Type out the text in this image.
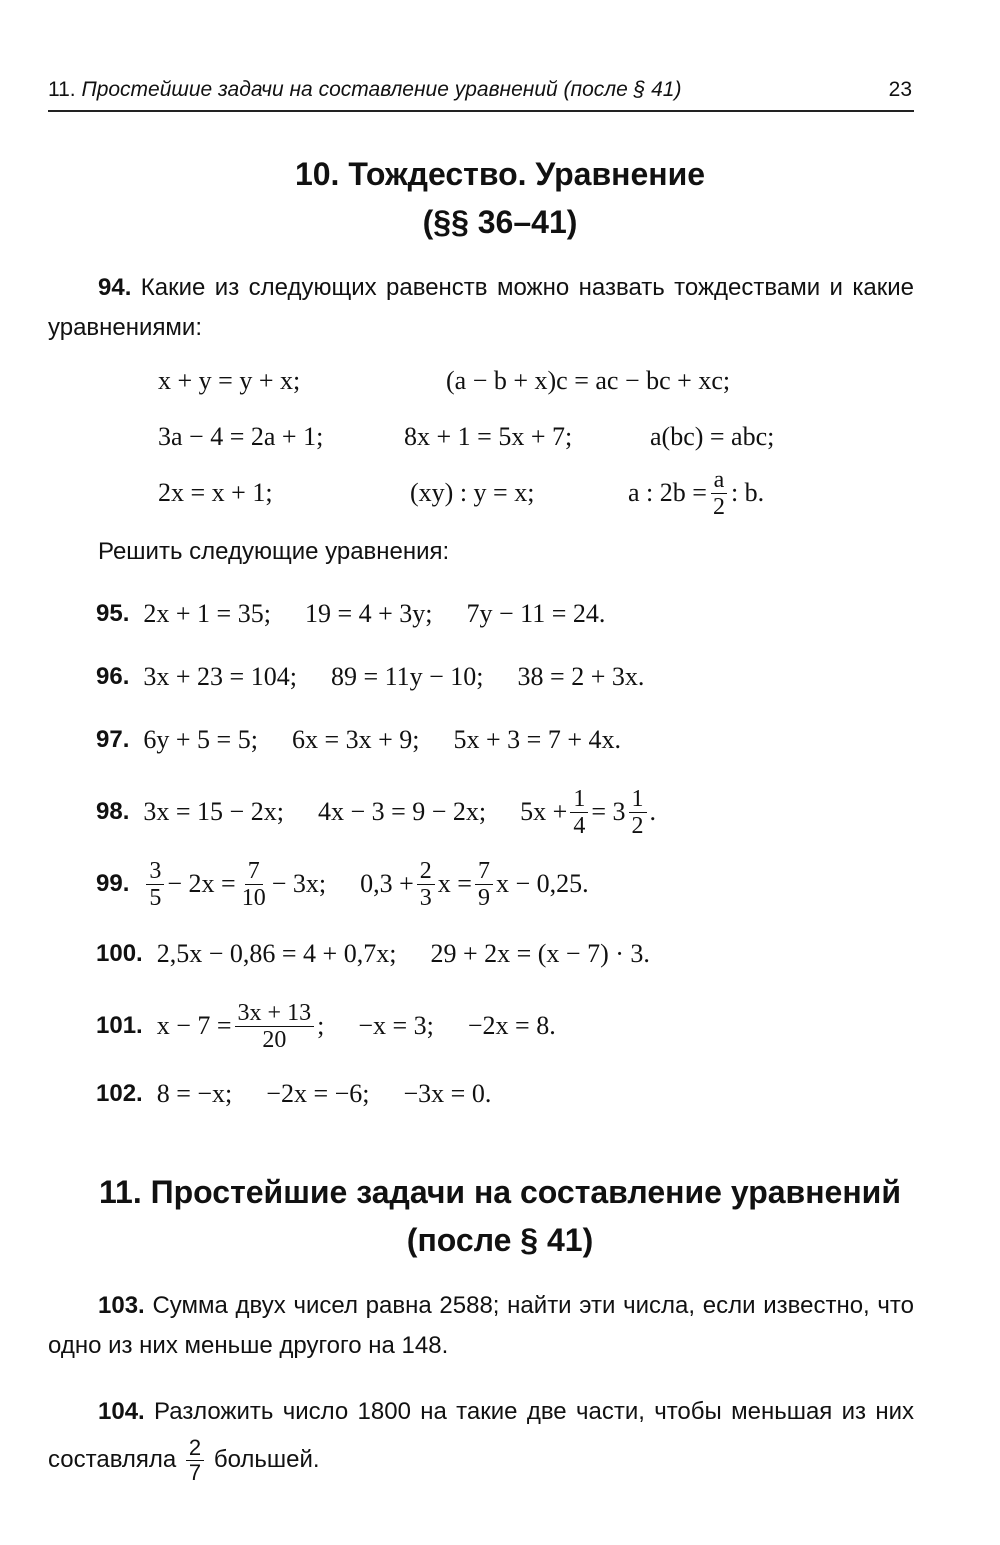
11. Простейшие задачи на составление уравнений (после § 41)	23
10. Тождество. Уравнение
(§§ 36–41)
94. Какие из следующих равенств можно назвать тождествами и какие уравнениями:
x + y = y + x;	(a − b + x)c = ac − bc + xc;
3a − 4 = 2a + 1;	8x + 1 = 5x + 7;	a(bc) = abc;
2x = x + 1;	(xy) : y = x;	a : $2b = \frac{a}{2}$ : b.
Решить следующие уравнения:
95. 2x + 1 = 35; 19 = 4 + 3y; 7y − 11 = 24.
96. 3x + 23 = 104; 89 = 11y − 10; 38 = 2 + 3x.
97. 6y + 5 = 5; 6x = 3x + 9; 5x + 3 = 7 + 4x.
98. 3x = 15 − 2x; 4x − 3 = 9 − 2x; $5x + \frac{1}{4} = 3 \frac{1}{2}$ .
99. $\frac{3}{5} - 2x = \frac{7}{10} - 3x$; $0,3 + \frac{2}{3}$ $x = \frac{7}{9}$ x − 0,25.
100. 2,5x − 0,86 = 4 + 0,7x; 29 + 2x = (x − 7) · 3.
101. $x - 7 = \frac{3x + 13}{20}$ ; −x = 3; −2x = 8.
102. 8 = −x; −2x = −6; −3x = 0.
11. Простейшие задачи на составление уравнений
(после § 41)
103. Сумма двух чисел равна 2588; найти эти числа, если известно, что одно из них меньше другого на 148.
104. Разложить число 1800 на такие две части, чтобы меньшая из них составляла $\frac{2}{7}$ большей.
